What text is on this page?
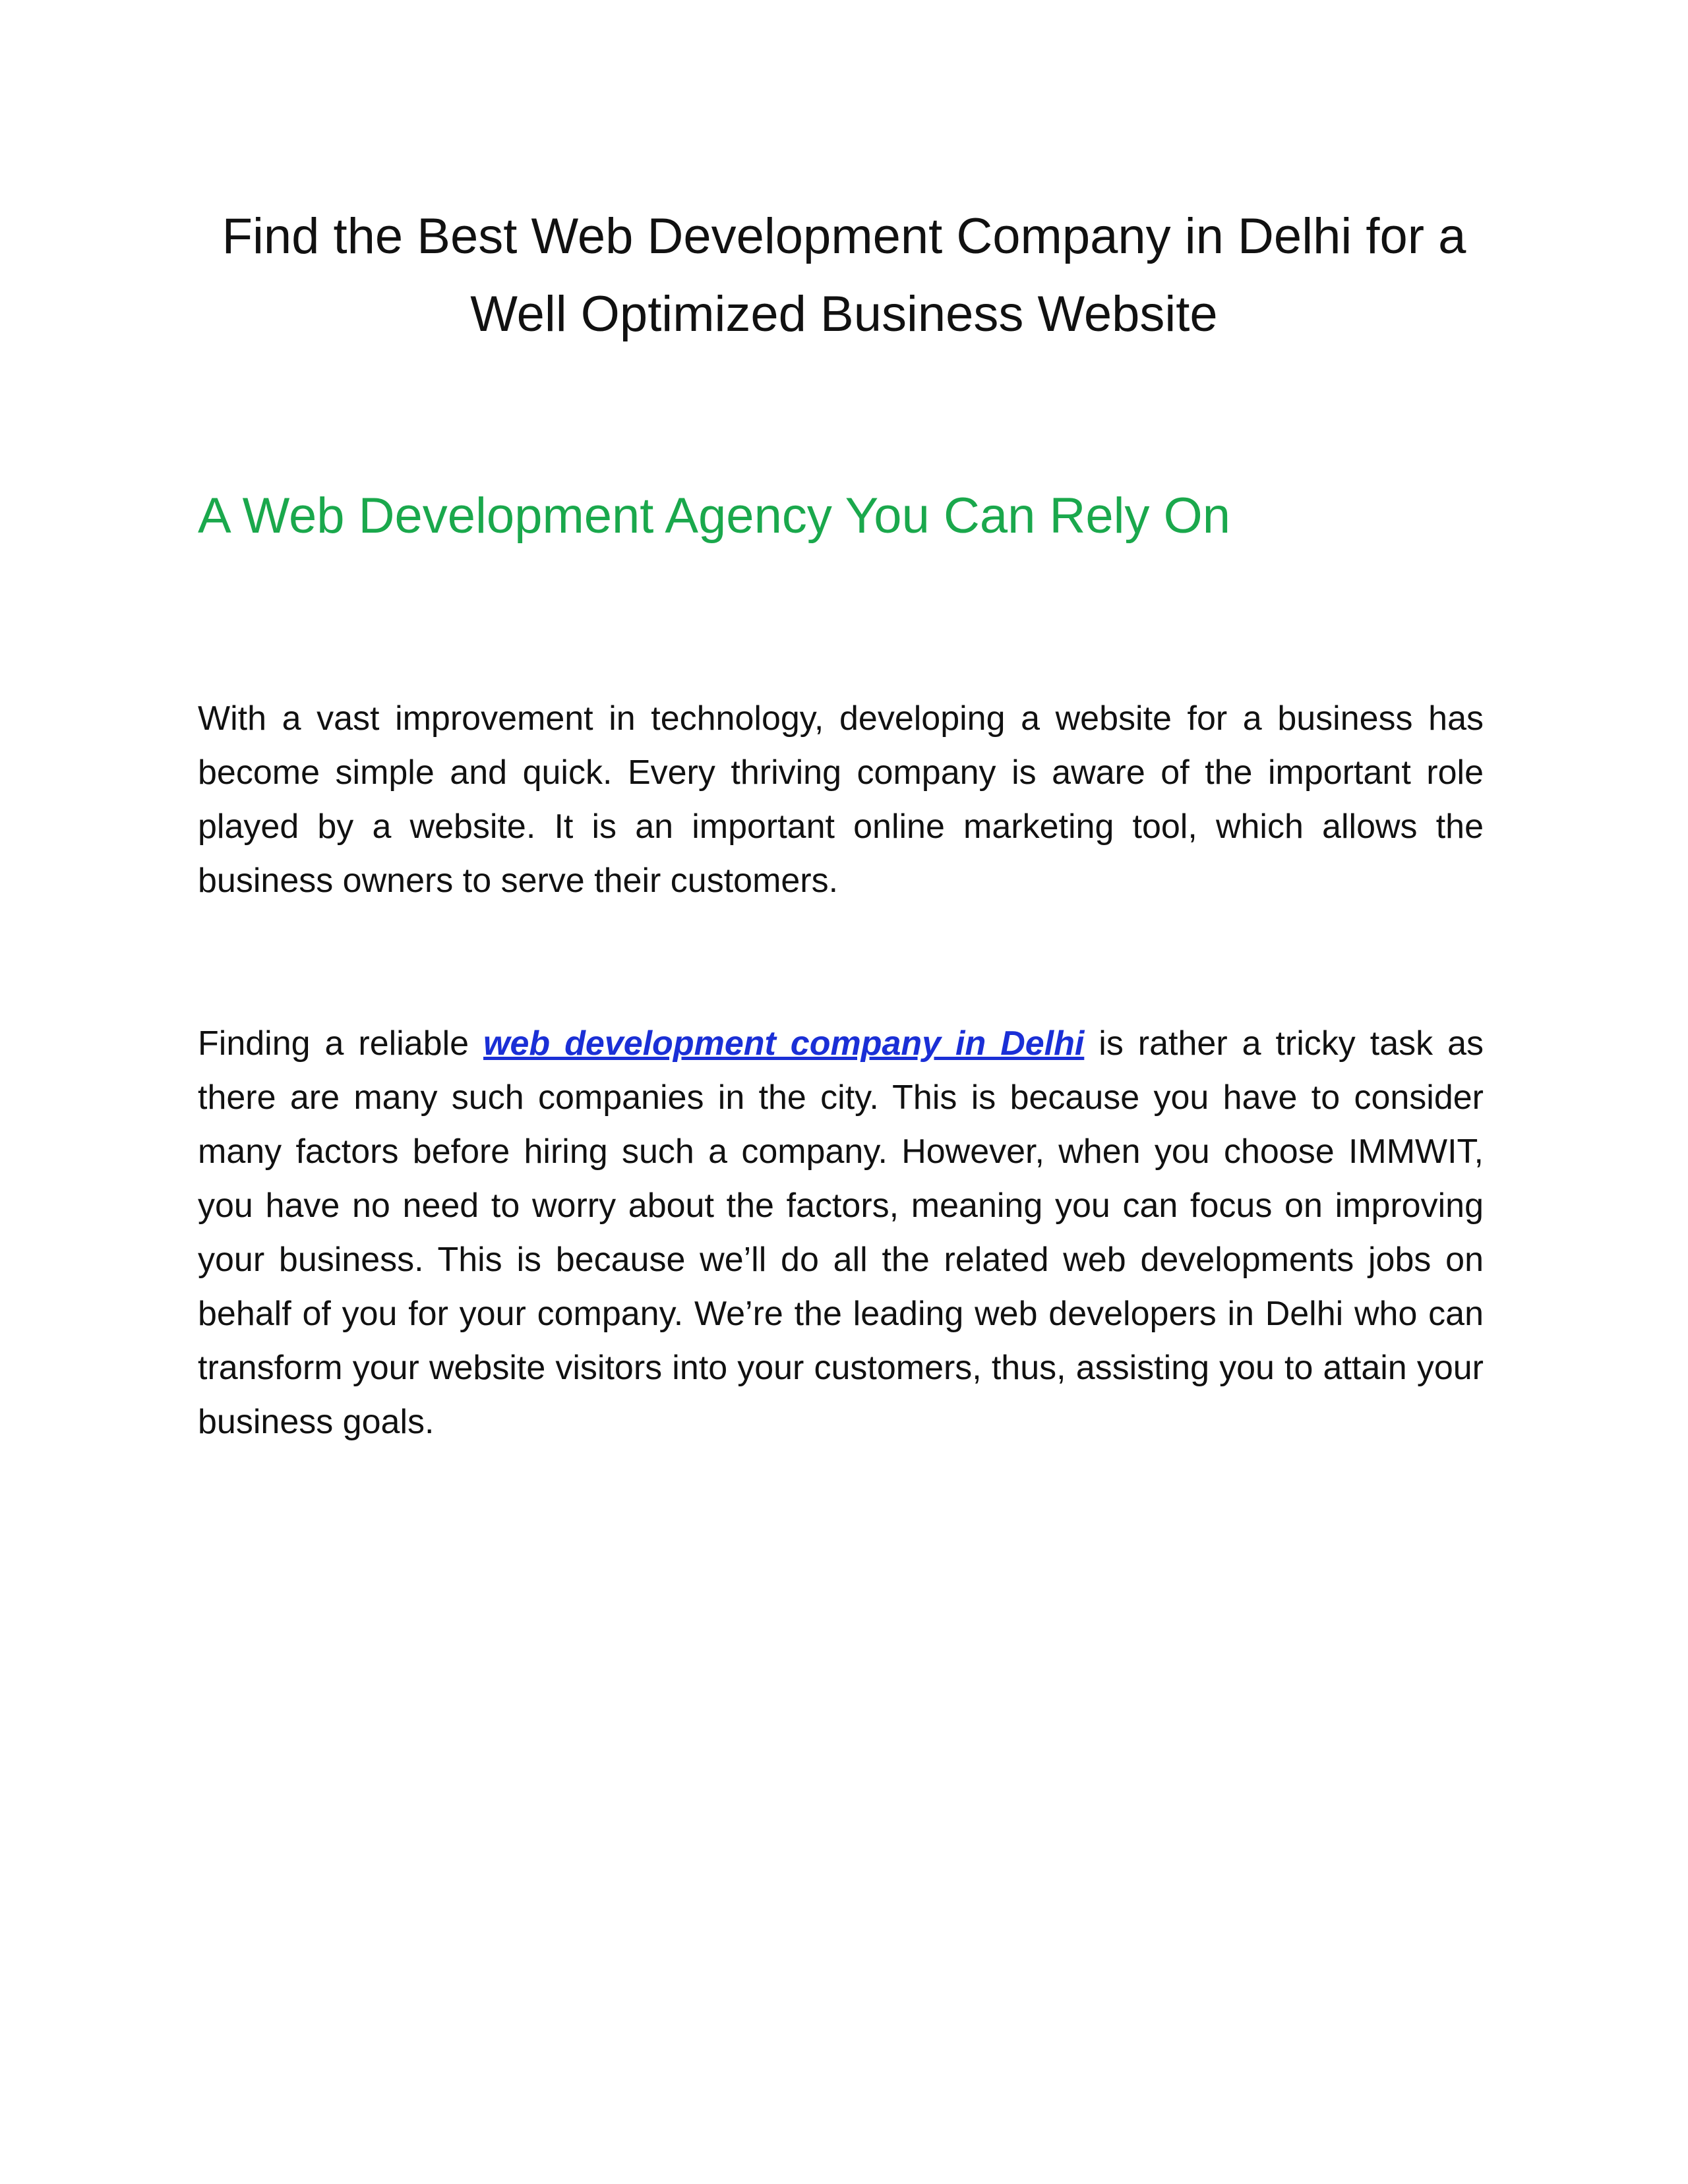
Find the Best Web Development Company in Delhi for a Well Optimized Business Website
A Web Development Agency You Can Rely On

With a vast improvement in technology, developing a website for a business has become simple and quick. Every thriving company is aware of the important role played by a website. It is an important online marketing tool, which allows the business owners to serve their customers.

Finding a reliable web development company in Delhi is rather a tricky task as there are many such companies in the city. This is because you have to consider many factors before hiring such a company. However, when you choose IMMWIT, you have no need to worry about the factors, meaning you can focus on improving your business. This is because we’ll do all the related web developments jobs on behalf of you for your company. We’re the leading web developers in Delhi who can transform your website visitors into your customers, thus, assisting you to attain your business goals.
